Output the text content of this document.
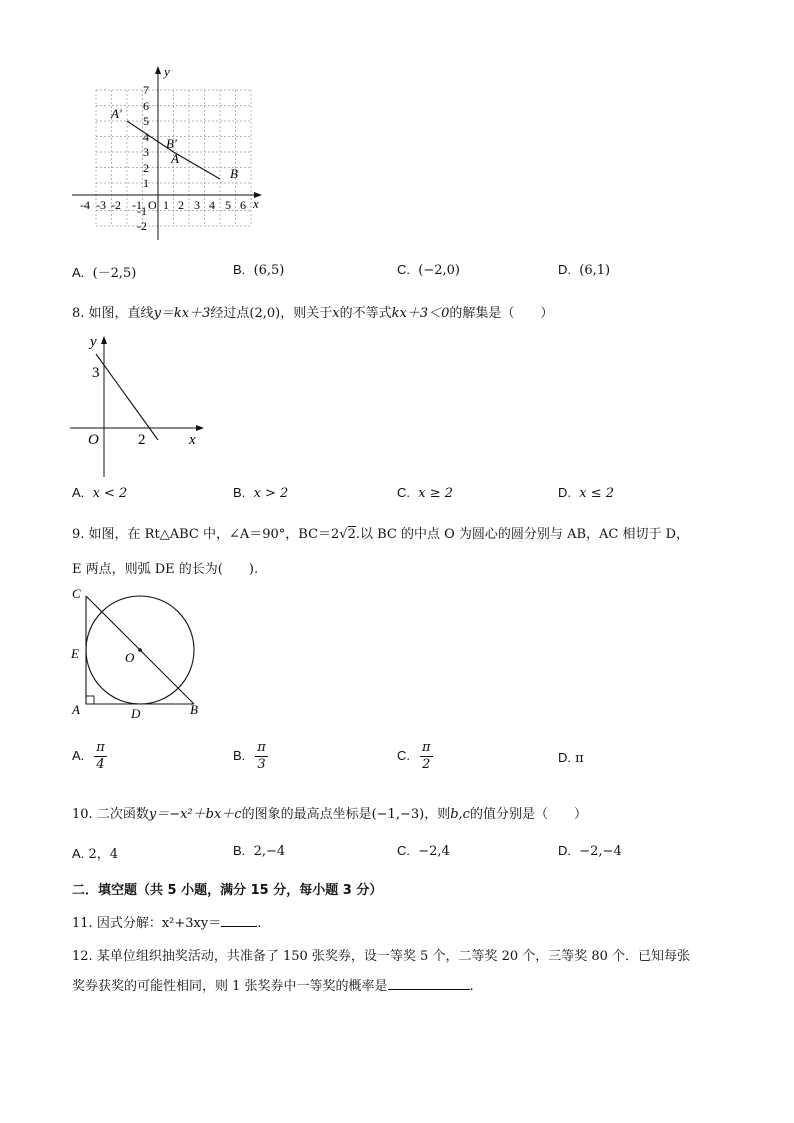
y
x
O
-4 -3 -2 -1 1 2 3 4 5 6
7
6
5
4
3
2
1
-1
-2
A'
B'
A
B
A. (－2,5)	B. (6,5)	C. (−2,0)	D. (6,1)
8. 如图，直线y＝kx＋3经过点(2,0)，则关于x的不等式kx＋3＜0的解集是（　　）
y
x
O
3
2
A. x < 2	B. x > 2	C. x ≥ 2	D. x ≤ 2
9. 如图，在 Rt△ABC 中，∠A＝90°，BC＝2√2.以 BC 的中点 O 为圆心的圆分别与 AB，AC 相切于 D，
E 两点，则弧 DE 的长为(　　).
C
E	O
A	D	B
A. $\frac{\pi}{4}$	B. $\frac{\pi}{3}$	C. $\frac{\pi}{2}$	D. π
10. 二次函数y＝−x²＋bx＋c的图象的最高点坐标是(−1,−3)，则b,c的值分别是（　　）
A. 2，4	B. 2,−4	C. −2,4	D. −2,−4
二．填空题（共 5 小题，满分 15 分，每小题 3 分）
11. 因式分解：x²+3xy＝	.
12. 某单位组织抽奖活动，共准备了 150 张奖券，设一等奖 5 个，二等奖 20 个，三等奖 80 个．已知每张
奖券获奖的可能性相同，则 1 张奖券中一等奖的概率是	.
